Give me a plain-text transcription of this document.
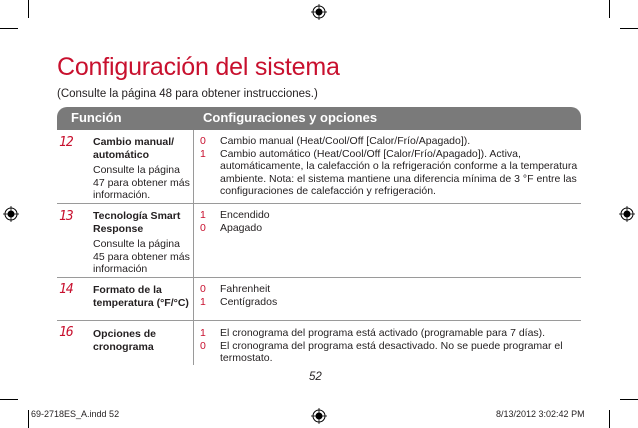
Configuración del sistema
(Consulte la página 48 para obtener instrucciones.)
Función	Configuraciones y opciones
12 Cambio manual/ automático
Consulte la página 47 para obtener más información.
0 Cambio manual (Heat/Cool/Off [Calor/Frío/Apagado]).
1 Cambio automático (Heat/Cool/Off [Calor/Frío/Apagado]). Activa, automáticamente, la calefacción o la refrigeración conforme a la temperatura ambiente. Nota: el sistema mantiene una diferencia mínima de 3 °F entre las configuraciones de calefacción y refrigeración.
13 Tecnología Smart Response
Consulte la página 45 para obtener más información
1 Encendido
0 Apagado
14 Formato de la temperatura (°F/°C)
0 Fahrenheit
1 Centígrados
16 Opciones de cronograma
1 El cronograma del programa está activado (programable para 7 días).
0 El cronograma del programa está desactivado. No se puede programar el termostato.
52
69-2718ES_A.indd 52	8/13/2012 3:02:42 PM
